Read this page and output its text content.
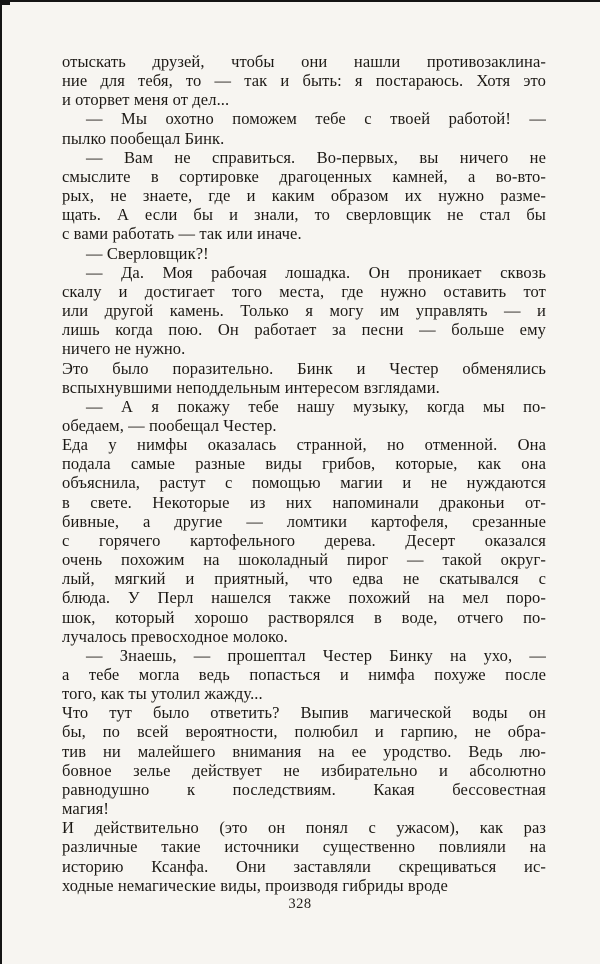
отыскать друзей, чтобы они нашли противозаклина-
ние для тебя, то — так и быть: я постараюсь. Хотя это
и оторвет меня от дел...
— Мы охотно поможем тебе с твоей работой! —
пылко пообещал Бинк.
— Вам не справиться. Во-первых, вы ничего не
смыслите в сортировке драгоценных камней, а во-вто-
рых, не знаете, где и каким образом их нужно разме-
щать. А если бы и знали, то сверловщик не стал бы
с вами работать — так или иначе.
— Сверловщик?!
— Да. Моя рабочая лошадка. Он проникает сквозь
скалу и достигает того места, где нужно оставить тот
или другой камень. Только я могу им управлять — и
лишь когда пою. Он работает за песни — больше ему
ничего не нужно.
Это было поразительно. Бинк и Честер обменялись
вспыхнувшими неподдельным интересом взглядами.
— А я покажу тебе нашу музыку, когда мы по-
обедаем, — пообещал Честер.
Еда у нимфы оказалась странной, но отменной. Она
подала самые разные виды грибов, которые, как она
объяснила, растут с помощью магии и не нуждаются
в свете. Некоторые из них напоминали драконьи от-
бивные, а другие — ломтики картофеля, срезанные
с горячего картофельного дерева. Десерт оказался
очень похожим на шоколадный пирог — такой округ-
лый, мягкий и приятный, что едва не скатывался с
блюда. У Перл нашелся также похожий на мел поро-
шок, который хорошо растворялся в воде, отчего по-
лучалось превосходное молоко.
— Знаешь, — прошептал Честер Бинку на ухо, —
а тебе могла ведь попасться и нимфа похуже после
того, как ты утолил жажду...
Что тут было ответить? Выпив магической воды он
бы, по всей вероятности, полюбил и гарпию, не обра-
тив ни малейшего внимания на ее уродство. Ведь лю-
бовное зелье действует не избирательно и абсолютно
равнодушно к последствиям. Какая бессовестная
магия!
И действительно (это он понял с ужасом), как раз
различные такие источники существенно повлияли на
историю Ксанфа. Они заставляли скрещиваться ис-
ходные немагические виды, производя гибриды вроде
328
